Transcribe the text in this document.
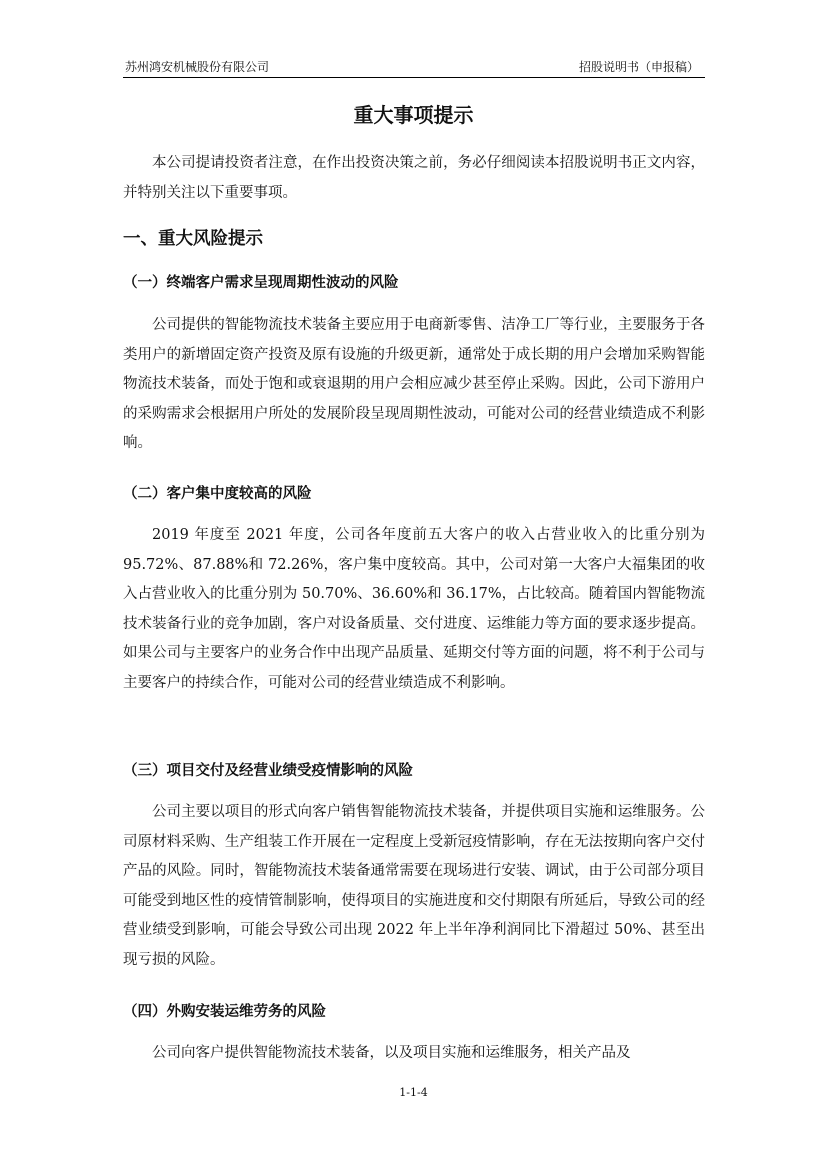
苏州鸿安机械股份有限公司	招股说明书（申报稿）
重大事项提示

本公司提请投资者注意，在作出投资决策之前，务必仔细阅读本招股说明书正文内容，并特别关注以下重要事项。

一、重大风险提示
（一）终端客户需求呈现周期性波动的风险

公司提供的智能物流技术装备主要应用于电商新零售、洁净工厂等行业，主要服务于各类用户的新增固定资产投资及原有设施的升级更新，通常处于成长期的用户会增加采购智能物流技术装备，而处于饱和或衰退期的用户会相应减少甚至停止采购。因此，公司下游用户的采购需求会根据用户所处的发展阶段呈现周期性波动，可能对公司的经营业绩造成不利影响。

（二）客户集中度较高的风险

2019 年度至 2021 年度，公司各年度前五大客户的收入占营业收入的比重分别为 95.72%、87.88%和 72.26%，客户集中度较高。其中，公司对第一大客户大福集团的收入占营业收入的比重分别为 50.70%、36.60%和 36.17%，占比较高。随着国内智能物流技术装备行业的竞争加剧，客户对设备质量、交付进度、运维能力等方面的要求逐步提高。如果公司与主要客户的业务合作中出现产品质量、延期交付等方面的问题，将不利于公司与主要客户的持续合作，可能对公司的经营业绩造成不利影响。

（三）项目交付及经营业绩受疫情影响的风险

公司主要以项目的形式向客户销售智能物流技术装备，并提供项目实施和运维服务。公司原材料采购、生产组装工作开展在一定程度上受新冠疫情影响，存在无法按期向客户交付产品的风险。同时，智能物流技术装备通常需要在现场进行安装、调试，由于公司部分项目可能受到地区性的疫情管制影响，使得项目的实施进度和交付期限有所延后，导致公司的经营业绩受到影响，可能会导致公司出现 2022 年上半年净利润同比下滑超过 50%、甚至出现亏损的风险。

（四）外购安装运维劳务的风险

公司向客户提供智能物流技术装备，以及项目实施和运维服务，相关产品及

1-1-4
